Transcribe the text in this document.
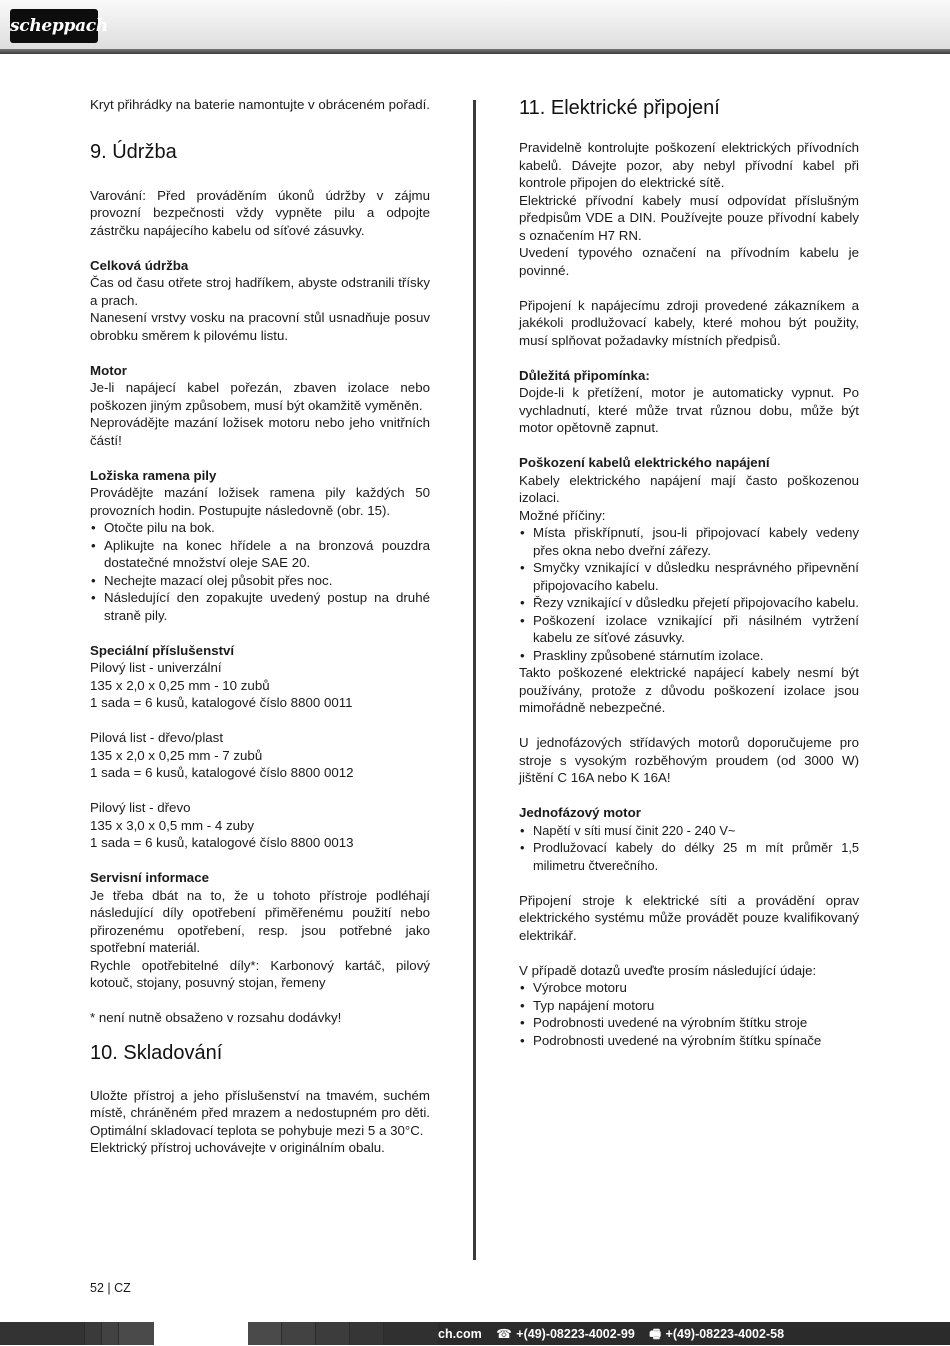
scheppach

Kryt přihrádky na baterie namontujte v obráceném pořadí.

9. Údržba

Varování: Před prováděním úkonů údržby v zájmu provozní bezpečnosti vždy vypněte pilu a odpojte zástrčku napájecího kabelu od síťové zásuvky.

Celková údržba

Čas od času otřete stroj hadříkem, abyste odstranili třísky a prach.

Nanesení vrstvy vosku na pracovní stůl usnadňuje posuv obrobku směrem k pilovému listu.

Motor

Je-li napájecí kabel pořezán, zbaven izolace nebo poškozen jiným způsobem, musí být okamžitě vyměněn.

Neprovádějte mazání ložisek motoru nebo jeho vnitřních částí!

Ložiska ramena pily

Provádějte mazání ložisek ramena pily každých 50 provozních hodin. Postupujte následovně (obr. 15).

• Otočte pilu na bok.
• Aplikujte na konec hřídele a na bronzová pouzdra dostatečné množství oleje SAE 20.
• Nechejte mazací olej působit přes noc.
• Následující den zopakujte uvedený postup na druhé straně pily.

Speciální příslušenství

Pilový list - univerzální

135 x 2,0 x 0,25 mm - 10 zubů

1 sada = 6 kusů, katalogové číslo 8800 0011

Pilová list - dřevo/plast

135 x 2,0 x 0,25 mm - 7 zubů

1 sada = 6 kusů, katalogové číslo 8800 0012

Pilový list - dřevo

135 x 3,0 x 0,5 mm - 4 zuby

1 sada = 6 kusů, katalogové číslo 8800 0013

Servisní informace

Je třeba dbát na to, že u tohoto přístroje podléhají následující díly opotřebení přiměřenému použití nebo přirozenému opotřebení, resp. jsou potřebné jako spotřební materiál.

Rychle opotřebitelné díly*: Karbonový kartáč, pilový kotouč, stojany, posuvný stojan, řemeny

* není nutně obsaženo v rozsahu dodávky!

10. Skladování

Uložte přístroj a jeho příslušenství na tmavém, suchém místě, chráněném před mrazem a nedostupném pro děti. Optimální skladovací teplota se pohybuje mezi 5 a 30°C.

Elektrický přístroj uchovávejte v originálním obalu.

11. Elektrické připojení

Pravidelně kontrolujte poškození elektrických přívodních kabelů. Dávejte pozor, aby nebyl přívodní kabel při kontrole připojen do elektrické sítě.

Elektrické přívodní kabely musí odpovídat příslušným předpisům VDE a DIN. Používejte pouze přívodní kabely s označením H7 RN.

Uvedení typového označení na přívodním kabelu je povinné.

Připojení k napájecímu zdroji provedené zákazníkem a jakékoli prodlužovací kabely, které mohou být použity, musí splňovat požadavky místních předpisů.

Důležitá připomínka:

Dojde-li k přetížení, motor je automaticky vypnut. Po vychladnutí, které může trvat různou dobu, může být motor opětovně zapnut.

Poškození kabelů elektrického napájení

Kabely elektrického napájení mají často poškozenou izolaci.

Možné příčiny:

• Místa přiskřípnutí, jsou-li připojovací kabely vedeny přes okna nebo dveřní zářezy.
• Smyčky vznikající v důsledku nesprávného připevnění připojovacího kabelu.
• Řezy vznikající v důsledku přejetí připojovacího kabelu.
• Poškození izolace vznikající při násilném vytržení kabelu ze síťové zásuvky.
• Praskliny způsobené stárnutím izolace.

Takto poškozené elektrické napájecí kabely nesmí být používány, protože z důvodu poškození izolace jsou mimořádně nebezpečné.

U jednofázových střídavých motorů doporučujeme pro stroje s vysokým rozběhovým proudem (od 3000 W) jištění C 16A nebo K 16A!

Jednofázový motor

• Napětí v síti musí činit 220 - 240 V~
• Prodlužovací kabely do délky 25 m mít průměr 1,5 milimetru čtverečního.

Připojení stroje k elektrické síti a provádění oprav elektrického systému může provádět pouze kvalifikovaný elektrikář.

V případě dotazů uveďte prosím následující údaje:

• Výrobce motoru
• Typ napájení motoru
• Podrobnosti uvedené na výrobním štítku stroje
• Podrobnosti uvedené na výrobním štítku spínače
52 | CZ
ch.com ☎ +(49)-08223-4002-99 🖷 +(49)-08223-4002-58
